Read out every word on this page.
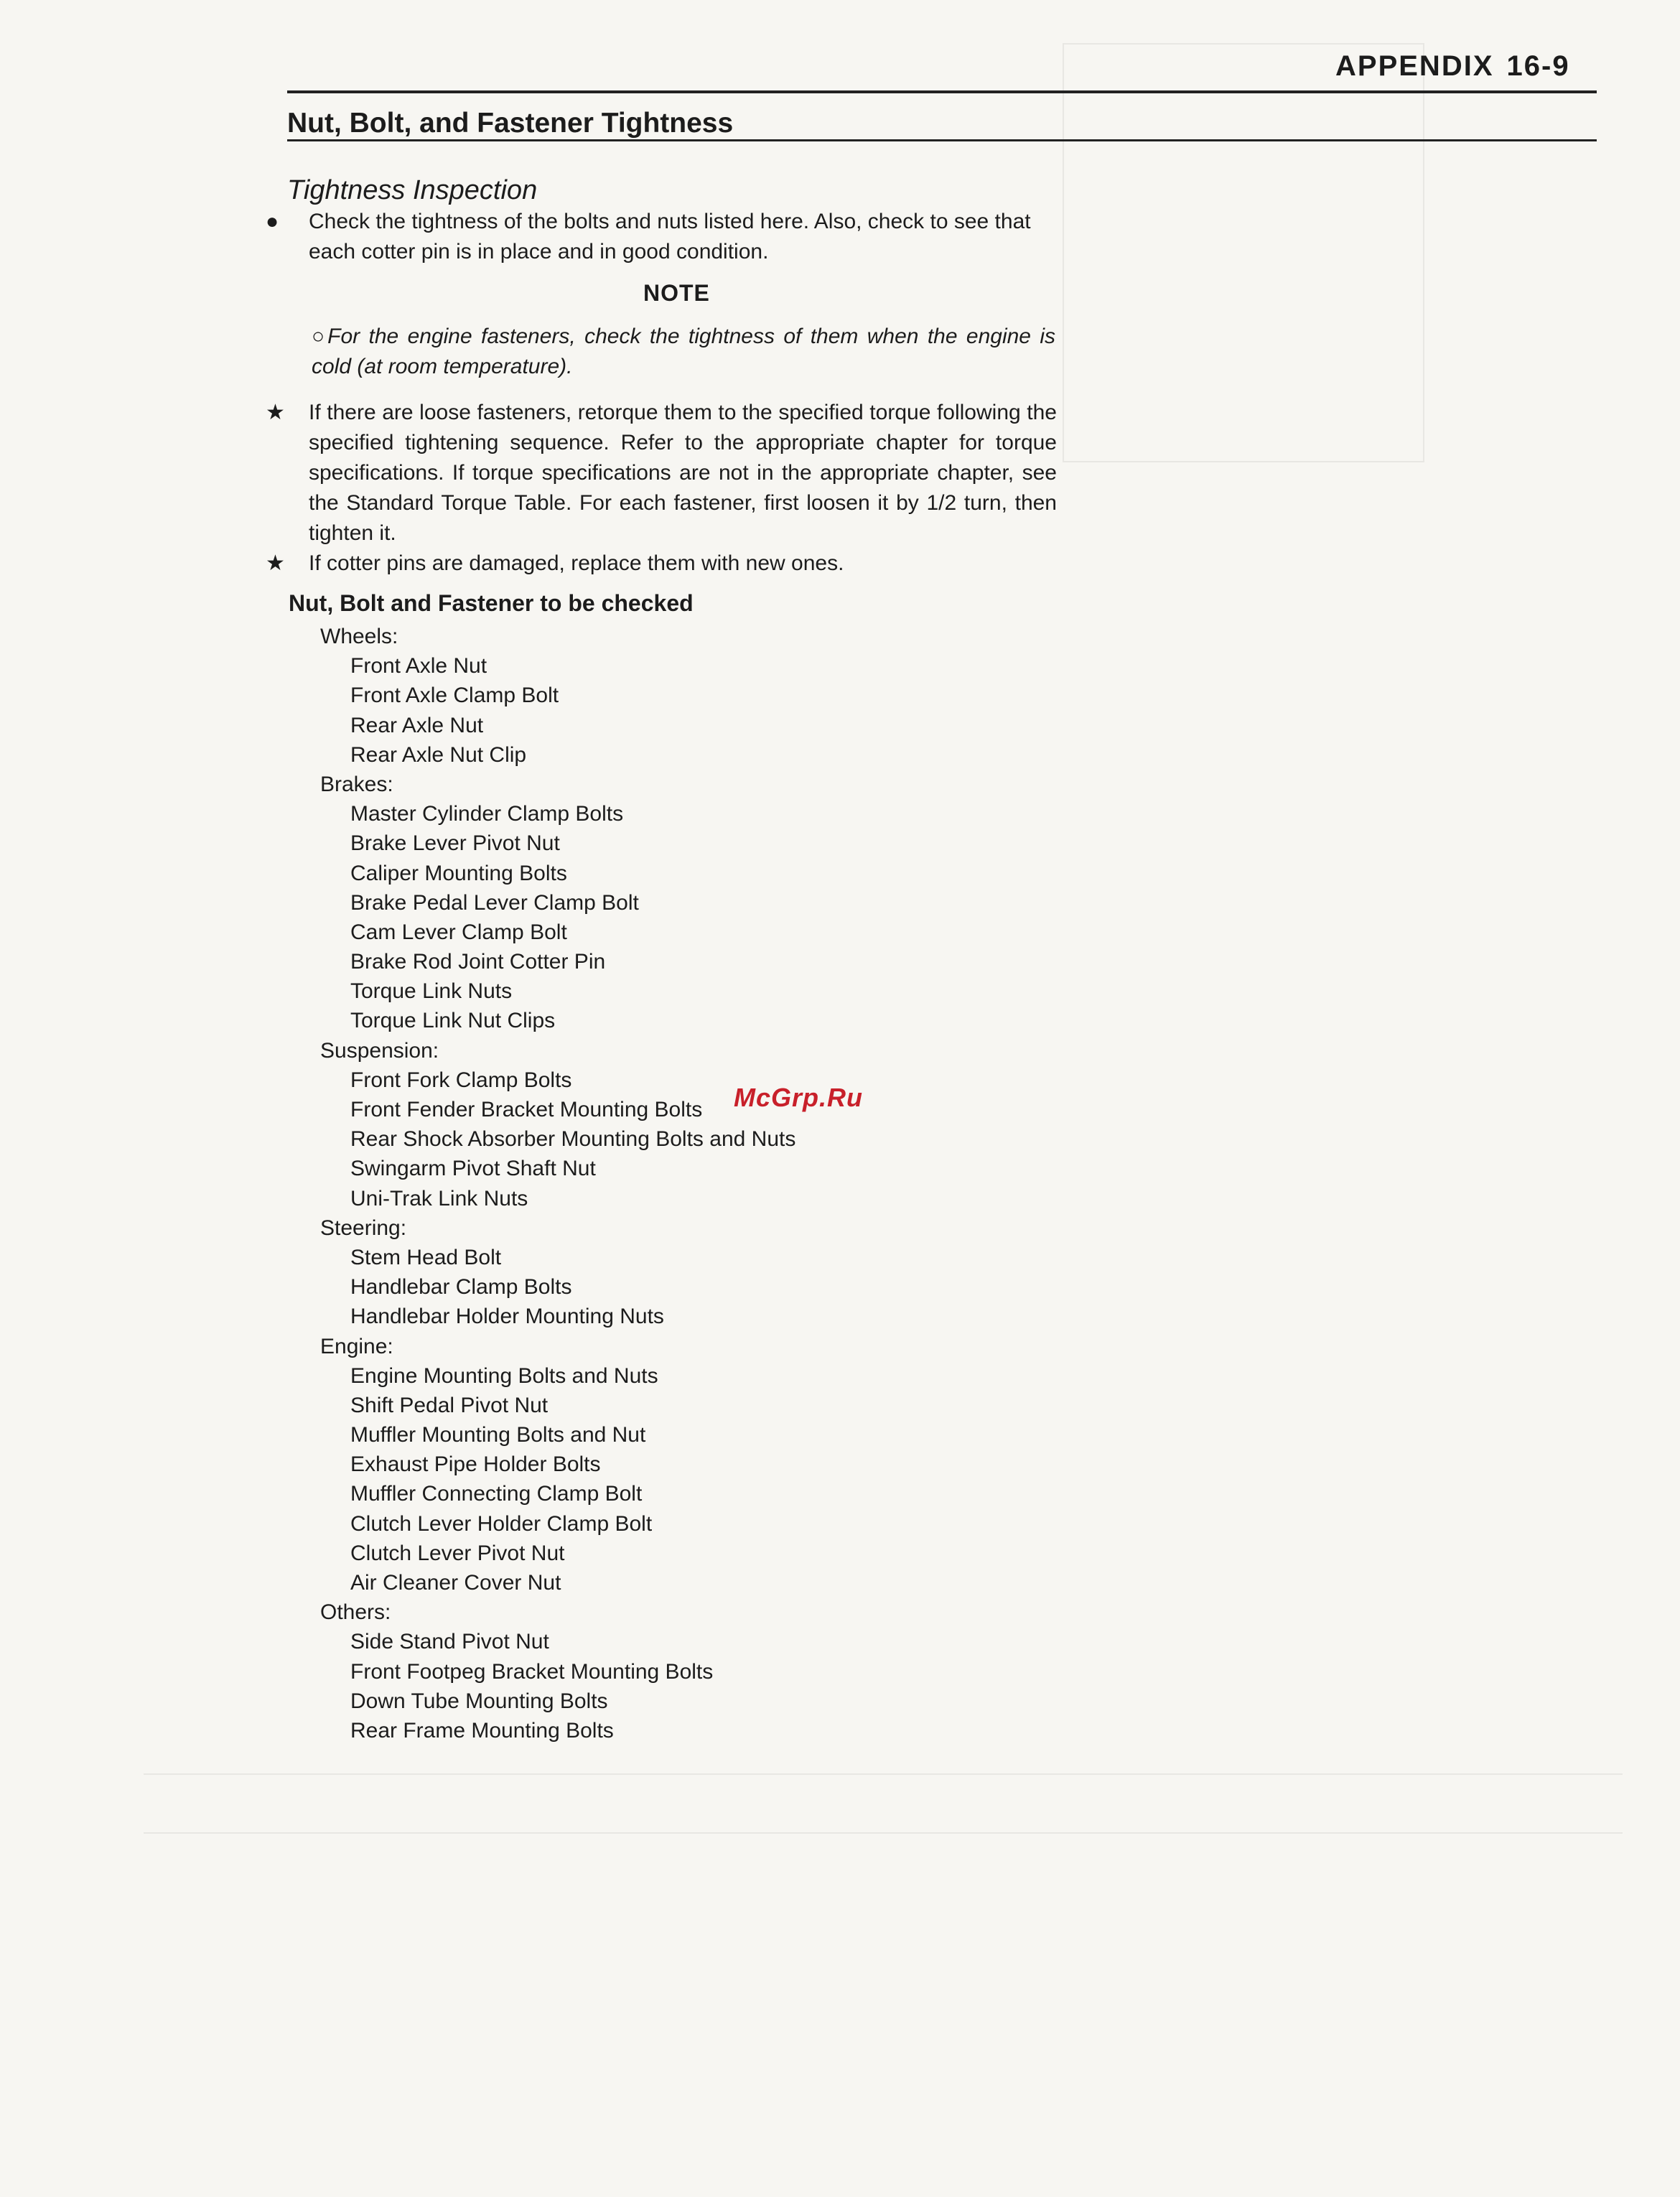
APPENDIX 16-9
Nut, Bolt, and Fastener Tightness
Tightness Inspection
● Check the tightness of the bolts and nuts listed here. Also, check to see that each cotter pin is in place and in good condition.
NOTE
○For the engine fasteners, check the tightness of them when the engine is cold (at room temperature).
★ If there are loose fasteners, retorque them to the specified torque following the specified tightening sequence. Refer to the appropriate chapter for torque specifications. If torque specifications are not in the appropriate chapter, see the Standard Torque Table. For each fastener, first loosen it by 1/2 turn, then tighten it.
★ If cotter pins are damaged, replace them with new ones.
Nut, Bolt and Fastener to be checked
Wheels:
Front Axle Nut
Front Axle Clamp Bolt
Rear Axle Nut
Rear Axle Nut Clip
Brakes:
Master Cylinder Clamp Bolts
Brake Lever Pivot Nut
Caliper Mounting Bolts
Brake Pedal Lever Clamp Bolt
Cam Lever Clamp Bolt
Brake Rod Joint Cotter Pin
Torque Link Nuts
Torque Link Nut Clips
Suspension:
Front Fork Clamp Bolts
Front Fender Bracket Mounting Bolts
Rear Shock Absorber Mounting Bolts and Nuts
Swingarm Pivot Shaft Nut
Uni-Trak Link Nuts
Steering:
Stem Head Bolt
Handlebar Clamp Bolts
Handlebar Holder Mounting Nuts
Engine:
Engine Mounting Bolts and Nuts
Shift Pedal Pivot Nut
Muffler Mounting Bolts and Nut
Exhaust Pipe Holder Bolts
Muffler Connecting Clamp Bolt
Clutch Lever Holder Clamp Bolt
Clutch Lever Pivot Nut
Air Cleaner Cover Nut
Others:
Side Stand Pivot Nut
Front Footpeg Bracket Mounting Bolts
Down Tube Mounting Bolts
Rear Frame Mounting Bolts
McGrp.Ru
